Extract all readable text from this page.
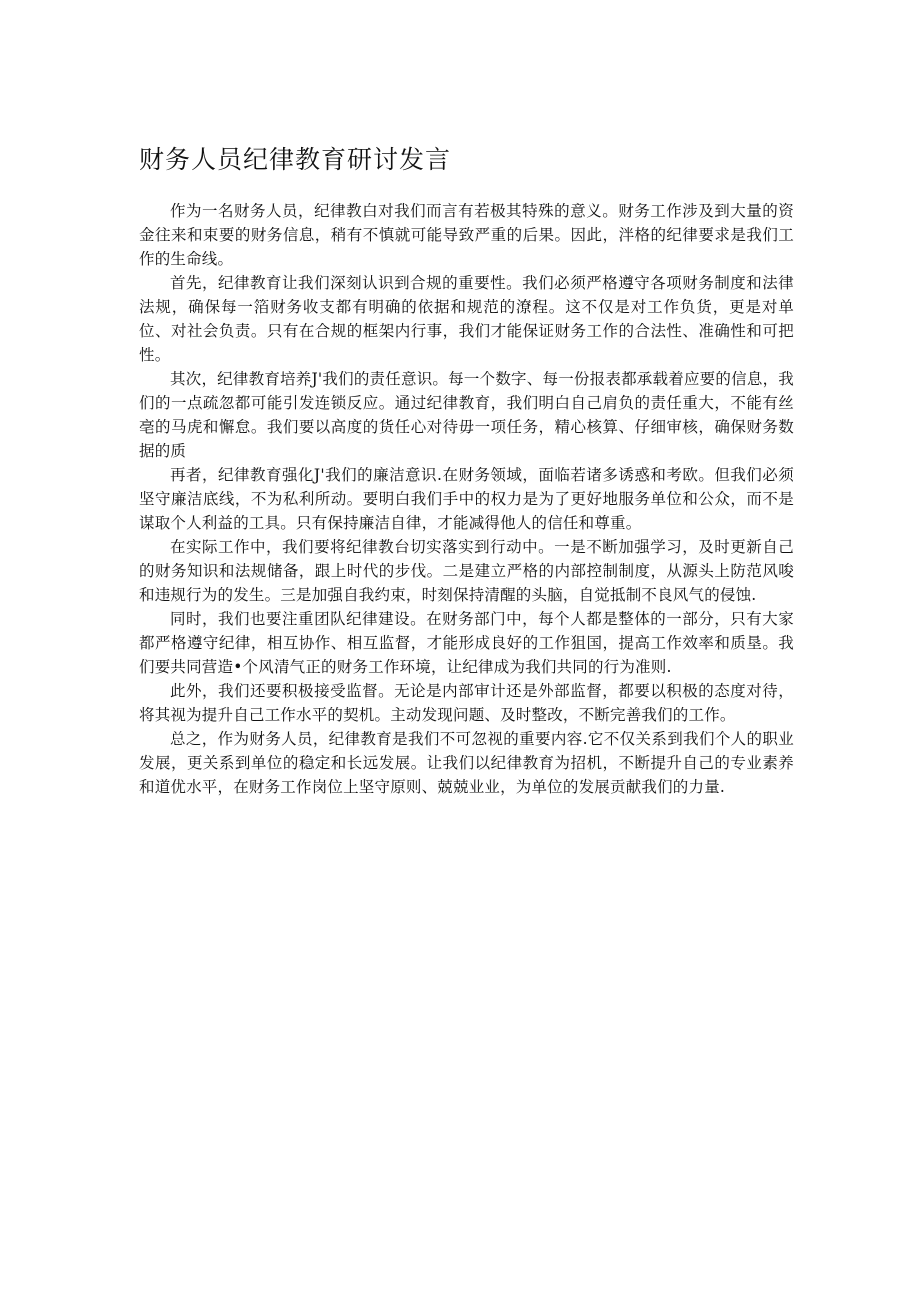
财务人员纪律教育研讨发言

作为一名财务人员，纪律教白对我们而言有若极其特殊的意义。财务工作涉及到大量的资金往来和束要的财务信息，稍有不慎就可能导致严重的后果。因此，泮格的纪律要求是我们工作的生命线。

首先，纪律教育让我们深刻认识到合规的重要性。我们必须严格遵守各项财务制度和法律法规，确保每一箔财务收支都有明确的依据和规范的潦程。这不仅是对工作负货，更是对单位、对社会负责。只有在合规的框架内行事，我们才能保证财务工作的合法性、准确性和可把性。

其次，纪律教育培养J'我们的责任意识。每一个数字、每一份报表都承载着应要的信息，我们的一点疏忽都可能引发连锁反应。通过纪律教育，我们明白自己肩负的责任重大，不能有丝亳的马虎和懈怠。我们要以高度的货任心对待毋一项任务，精心核算、仔细审核，确保财务数据的质

再者，纪律教育强化J'我们的廉洁意识.在财务领域，面临若诸多诱惑和考欧。但我们必须坚守廉洁底线，不为私利所动。要明白我们手中的权力是为了更好地服务单位和公众，而不是谋取个人利益的工具。只有保持廉洁自律，才能减得他人的信任和尊重。

在实际工作中，我们要将纪律教台切实落实到行动中。一是不断加强学习，及时更新自己的财务知识和法规储备，跟上时代的步伐。二是建立严格的内部控制制度，从源头上防范风唆和违规行为的发生。三是加强自我约束，时刻保持清醒的头脑，自觉抵制不良风气的侵蚀.

同时，我们也要注重团队纪律建设。在财务部门中，每个人都是整体的一部分，只有大家都严格遵守纪律，相互协作、相互监督，才能形成良好的工作狙国，提高工作效率和质垦。我们要共同营造•个风清气正的财务工作环境，让纪律成为我们共同的行为准则.

此外，我们还要积极接受监督。无论是内部审计还是外部监督，都要以积极的态度对待，将其视为提升自己工作水平的契机。主动发现问题、及时整改，不断完善我们的工作。

总之，作为财务人员，纪律教育是我们不可忽视的重要内容.它不仅关系到我们个人的职业发展，更关系到单位的稳定和长远发展。让我们以纪律教育为招机，不断提升自己的专业素养和道优水平，在财务工作岗位上坚守原则、兢兢业业，为单位的发展贡献我们的力量.
